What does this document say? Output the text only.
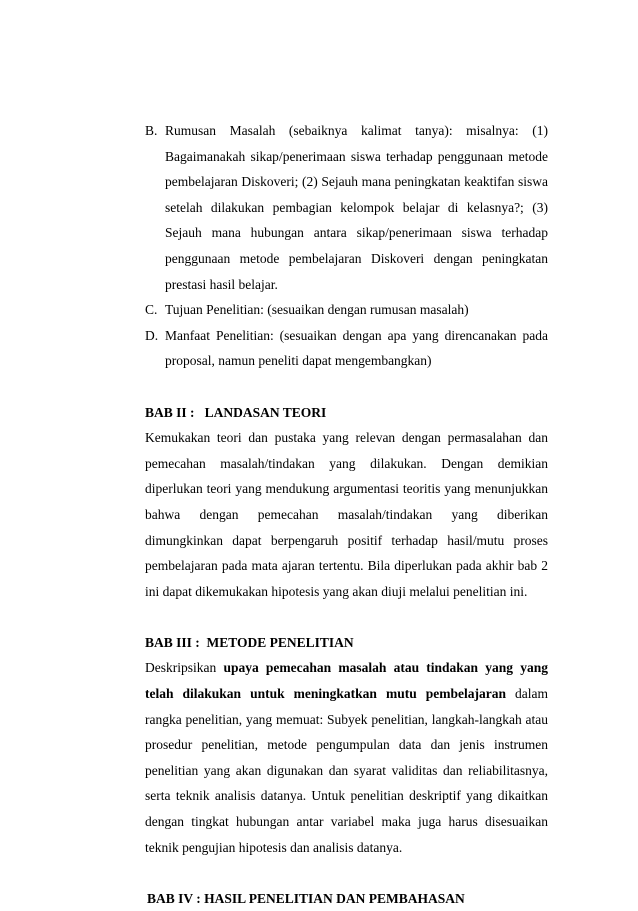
B. Rumusan Masalah (sebaiknya kalimat tanya): misalnya: (1) Bagaimanakah sikap/penerimaan siswa terhadap penggunaan metode pembelajaran Diskoveri; (2) Sejauh mana peningkatan keaktifan siswa setelah dilakukan pembagian kelompok belajar di kelasnya?; (3) Sejauh mana hubungan antara sikap/penerimaan siswa terhadap penggunaan metode pembelajaran Diskoveri dengan peningkatan prestasi hasil belajar.
C. Tujuan Penelitian: (sesuaikan dengan rumusan masalah)
D. Manfaat Penelitian: (sesuaikan dengan apa yang direncanakan pada proposal, namun peneliti dapat mengembangkan)
BAB II :   LANDASAN TEORI
Kemukakan teori dan pustaka yang relevan dengan permasalahan dan pemecahan masalah/tindakan yang dilakukan. Dengan demikian diperlukan teori yang mendukung argumentasi teoritis yang menunjukkan bahwa dengan pemecahan masalah/tindakan yang diberikan dimungkinkan dapat berpengaruh positif terhadap hasil/mutu proses pembelajaran pada mata ajaran tertentu. Bila diperlukan pada akhir bab 2 ini dapat dikemukakan hipotesis yang akan diuji melalui penelitian ini.
BAB III :  METODE PENELITIAN
Deskripsikan upaya pemecahan masalah atau tindakan yang yang telah dilakukan untuk meningkatkan mutu pembelajaran dalam rangka penelitian, yang memuat: Subyek penelitian, langkah-langkah atau prosedur penelitian, metode pengumpulan data dan jenis instrumen penelitian yang akan digunakan dan syarat validitas dan reliabilitasnya, serta teknik analisis datanya. Untuk penelitian deskriptif yang dikaitkan dengan tingkat hubungan antar variabel maka juga harus disesuaikan teknik pengujian hipotesis dan analisis datanya.
BAB IV : HASIL PENELITIAN DAN PEMBAHASAN
